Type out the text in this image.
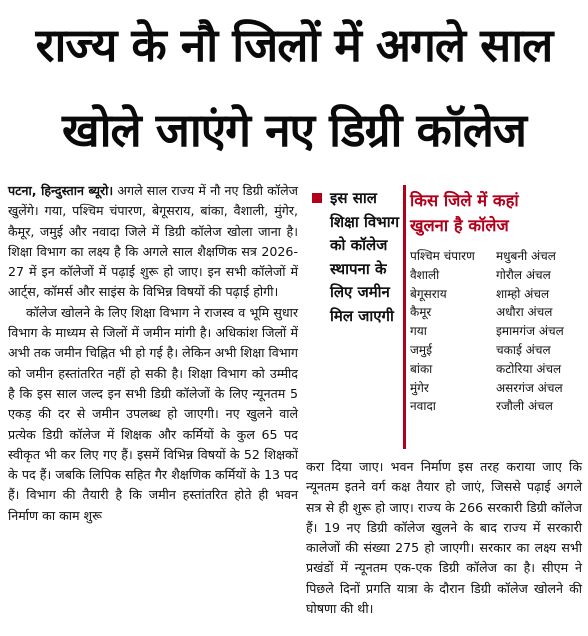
राज्य के नौ जिलों में अगले साल
खोले जाएंगे नए डिग्री कॉलेज

पटना, हिन्दुस्तान ब्यूरो। अगले साल राज्य में नौ नए डिग्री कॉलेज खुलेंगे। गया, पश्चिम चंपारण, बेगूसराय, बांका, वैशाली, मुंगेर, कैमूर, जमुई और नवादा जिले में डिग्री कॉलेज खोला जाना है। शिक्षा विभाग का लक्ष्य है कि अगले साल शैक्षणिक सत्र 2026-27 में इन कॉलेजों में पढ़ाई शुरू हो जाए। इन सभी कॉलेजों में आर्ट्स, कॉमर्स और साइंस के विभिन्न विषयों की पढ़ाई होगी।

कॉलेज खोलने के लिए शिक्षा विभाग ने राजस्व व भूमि सुधार विभाग के माध्यम से जिलों में जमीन मांगी है। अधिकांश जिलों में अभी तक जमीन चिह्नित भी हो गई है। लेकिन अभी शिक्षा विभाग को जमीन हस्तांतरित नहीं हो सकी है। शिक्षा विभाग को उम्मीद है कि इस साल जल्द इन सभी डिग्री कॉलेजों के लिए न्यूनतम 5 एकड़ की दर से जमीन उपलब्ध हो जाएगी। नए खुलने वाले प्रत्येक डिग्री कॉलेज में शिक्षक और कर्मियों के कुल 65 पद स्वीकृत भी कर लिए गए हैं। इसमें विभिन्न विषयों के 52 शिक्षकों के पद हैं। जबकि लिपिक सहित गैर शैक्षणिक कर्मियों के 13 पद हैं। विभाग की तैयारी है कि जमीन हस्तांतरित होते ही भवन निर्माण का काम शुरू

इस साल शिक्षा विभाग को कॉलेज स्थापना के लिए जमीन मिल जाएगी
किस जिले में कहां
खुलना है कॉलेज
पश्चिम चंपारण	मधुबनी अंचल
वैशाली	गोरौल अंचल
बेगूसराय	शाम्हो अंचल
कैमूर	अधौरा अंचल
गया	इमामगंज अंचल
जमुई	चकाई अंचल
बांका	कटोरिया अंचल
मुंगेर	असरगंज अंचल
नवादा	रजौली अंचल

करा दिया जाए। भवन निर्माण इस तरह कराया जाए कि न्यूनतम इतने वर्ग कक्ष तैयार हो जाएं, जिससे पढ़ाई अगले सत्र से ही शुरू हो जाए। राज्य के 266 सरकारी डिग्री कॉलेज हैं। 19 नए डिग्री कॉलेज खुलने के बाद राज्य में सरकारी कालेजों की संख्या 275 हो जाएगी। सरकार का लक्ष्य सभी प्रखंडों में न्यूनतम एक-एक डिग्री कॉलेज का है। सीएम ने पिछले दिनों प्रगति यात्रा के दौरान डिग्री कॉलेज खोलने की घोषणा की थी।
